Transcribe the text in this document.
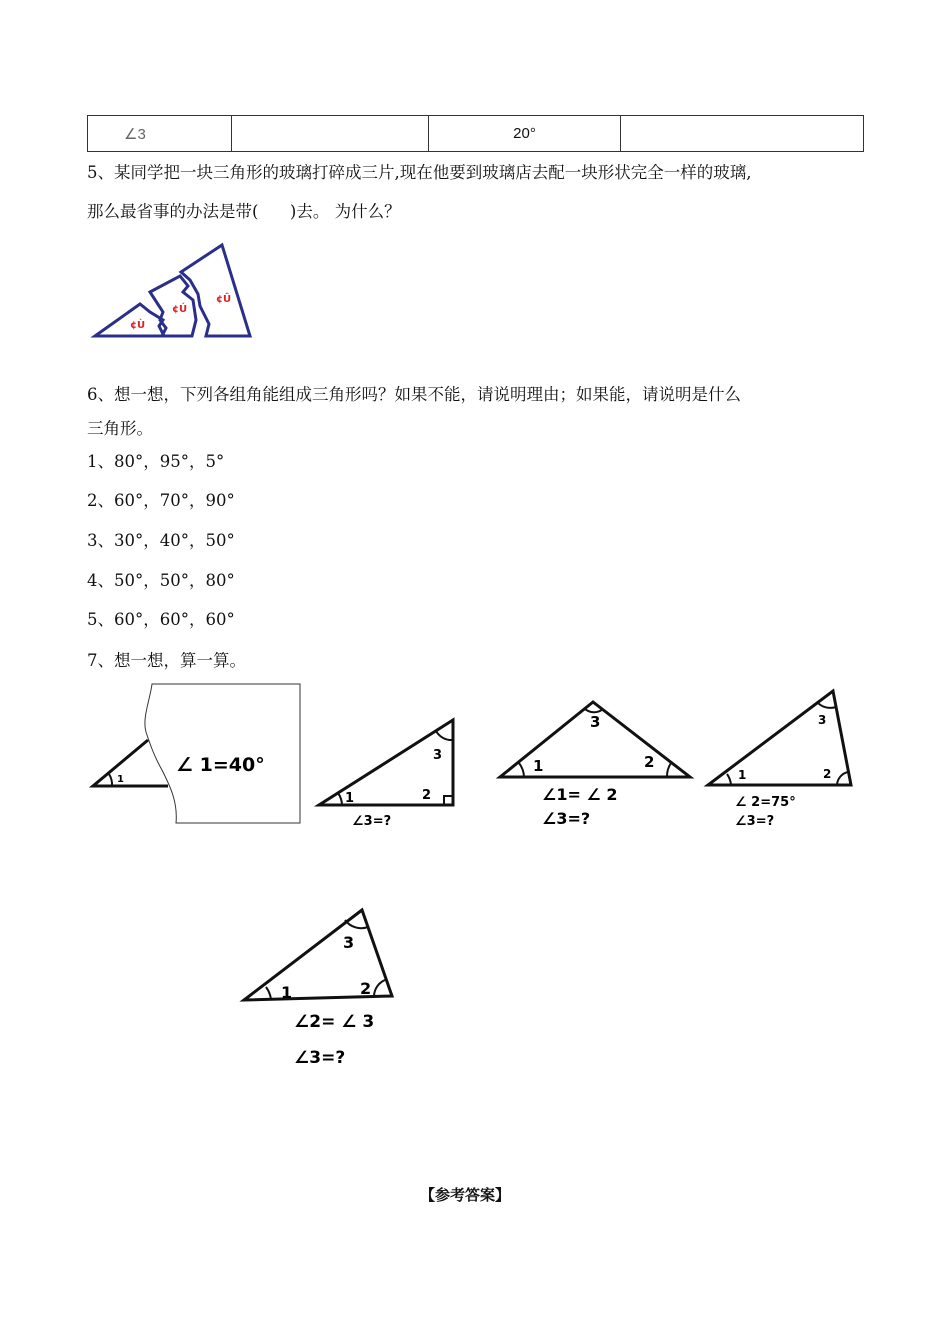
∠3		20°	
5、某同学把一块三角形的玻璃打碎成三片,现在他要到玻璃店去配一块形状完全一样的玻璃,
那么最省事的办法是带( )去。 为什么？
¢Ù
¢Ú
¢Û
6、想一想，下列各组角能组成三角形吗？如果不能，请说明理由；如果能，请说明是什么
三角形。
1、80°，95°，5°
2、60°，70°，90°
3、30°，40°，50°
4、50°，50°，80°
5、60°，60°，60°
7、想一想，算一算。
1
∠ 1=40°
1	2
3
∠3=?
1	2
3
∠1= ∠ 2
∠3=?
1	2
3
∠ 2=75°
∠3=?
1	2
3
∠2= ∠ 3
∠3=?
【参考答案】
